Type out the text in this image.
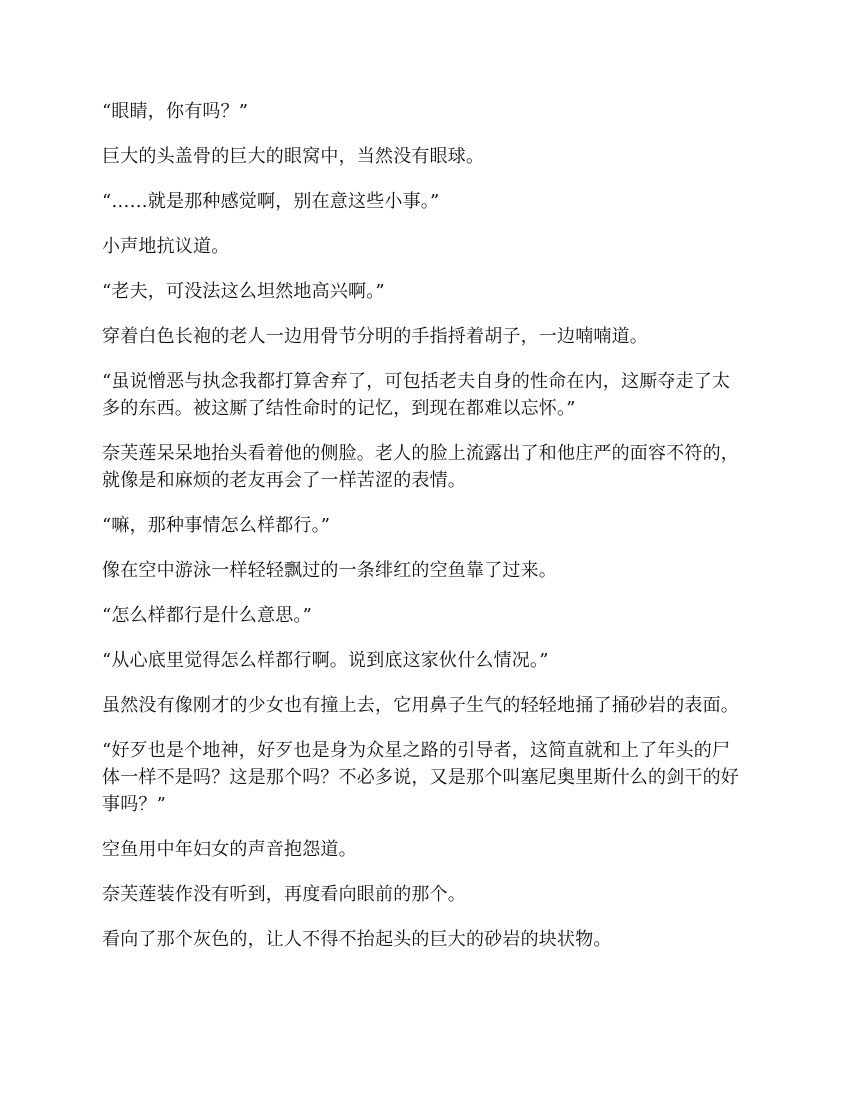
“眼睛，你有吗？”

巨大的头盖骨的巨大的眼窝中，当然没有眼球。

“……就是那种感觉啊，别在意这些小事。”

小声地抗议道。

“老夫，可没法这么坦然地高兴啊。”

穿着白色长袍的老人一边用骨节分明的手指捋着胡子，一边喃喃道。

“虽说憎恶与执念我都打算舍弃了，可包括老夫自身的性命在内，这厮夺走了太多的东西。被这厮了结性命时的记忆，到现在都难以忘怀。”

奈芙莲呆呆地抬头看着他的侧脸。老人的脸上流露出了和他庄严的面容不符的，就像是和麻烦的老友再会了一样苦涩的表情。

“嘛，那种事情怎么样都行。”

像在空中游泳一样轻轻飘过的一条绯红的空鱼靠了过来。

“怎么样都行是什么意思。”

“从心底里觉得怎么样都行啊。说到底这家伙什么情况。”

虽然没有像刚才的少女也有撞上去，它用鼻子生气的轻轻地捅了捅砂岩的表面。

“好歹也是个地神，好歹也是身为众星之路的引导者，这简直就和上了年头的尸体一样不是吗？这是那个吗？不必多说，又是那个叫塞尼奥里斯什么的剑干的好事吗？”

空鱼用中年妇女的声音抱怨道。

奈芙莲装作没有听到，再度看向眼前的那个。

看向了那个灰色的，让人不得不抬起头的巨大的砂岩的块状物。
